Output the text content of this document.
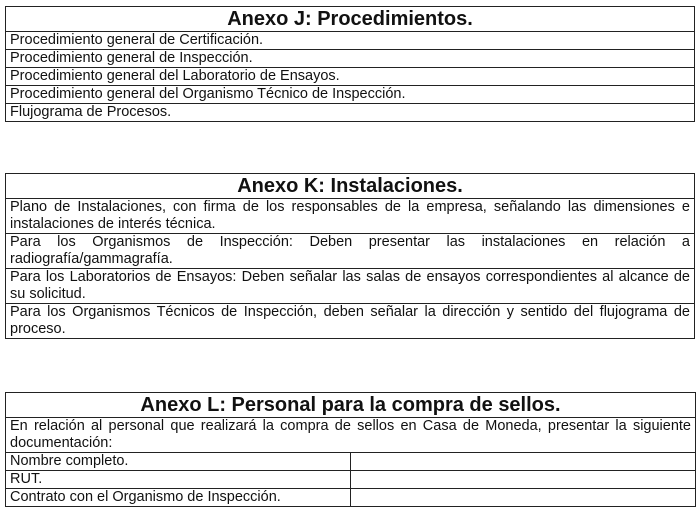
Anexo J: Procedimientos.
Procedimiento general de Certificación.
Procedimiento general de Inspección.
Procedimiento general del Laboratorio de Ensayos.
Procedimiento general del Organismo Técnico de Inspección.
Flujograma de Procesos.
Anexo K: Instalaciones.
Plano de Instalaciones, con firma de los responsables de la empresa, señalando las dimensiones e instalaciones de interés técnica.
Para los Organismos de Inspección: Deben presentar las instalaciones en relación a radiografía/gammagrafía.
Para los Laboratorios de Ensayos: Deben señalar las salas de ensayos correspondientes al alcance de su solicitud.
Para los Organismos Técnicos de Inspección, deben señalar la dirección y sentido del flujograma de proceso.
Anexo L: Personal para la compra de sellos.	
En relación al personal que realizará la compra de sellos en Casa de Moneda, presentar la siguiente documentación:	
Nombre completo.	
RUT.	
Contrato con el Organismo de Inspección.	
